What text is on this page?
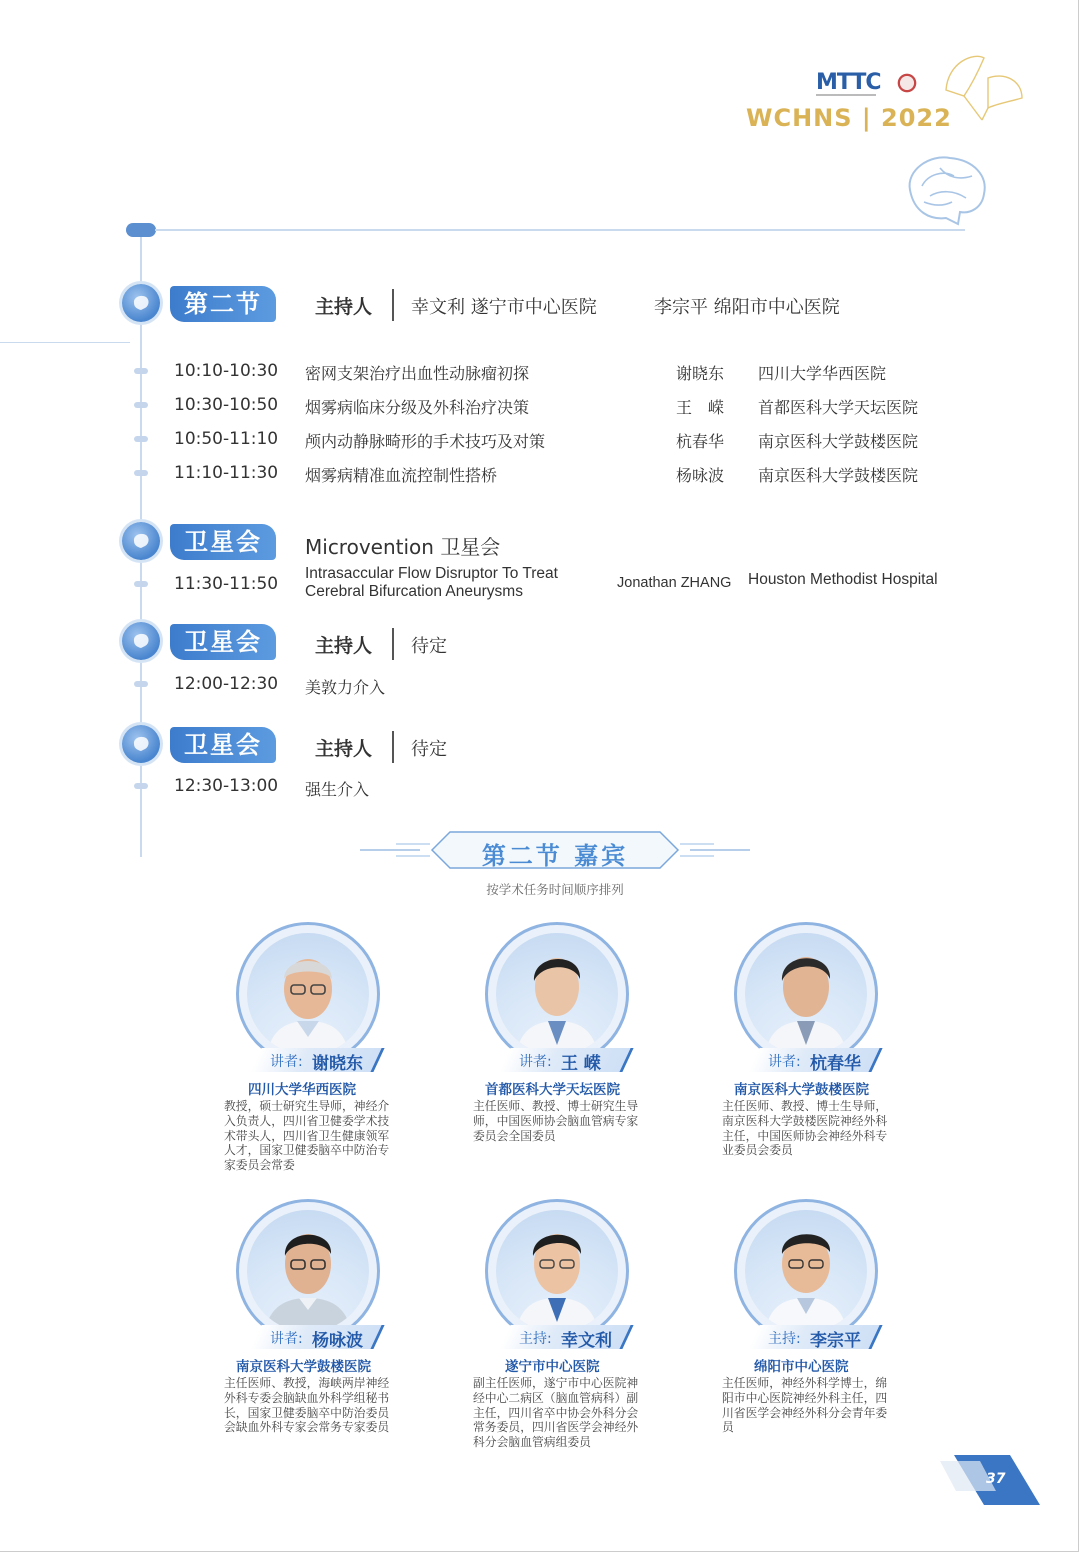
MTTC
WCHNS | 2022
第二节	主持人 幸文利 遂宁市中心医院	李宗平 绵阳市中心医院
10:10-10:30 密网支架治疗出血性动脉瘤初探	谢晓东 四川大学华西医院
10:30-10:50 烟雾病临床分级及外科治疗决策	王　嵘 首都医科大学天坛医院
10:50-11:10 颅内动静脉畸形的手术技巧及对策	杭春华 南京医科大学鼓楼医院
11:10-11:30 烟雾病精准血流控制性搭桥	杨咏波 南京医科大学鼓楼医院
卫星会	Microvention 卫星会
11:30-11:50
Intrasaccular Flow Disruptor To Treat
Cerebral Bifurcation Aneurysms	Jonathan ZHANG Houston Methodist Hospital
卫星会	主持人 待定
12:00-12:30 美敦力介入
卫星会	主持人 待定
12:30-13:00 强生介入
第二节 嘉宾
按学术任务时间顺序排列
讲者: 谢晓东
四川大学华西医院
教授，硕士研究生导师，神经介入负责人，四川省卫健委学术技术带头人，四川省卫生健康领军人才，国家卫健委脑卒中防治专家委员会常委
讲者: 王 嵘
首都医科大学天坛医院
主任医师、教授、博士研究生导师，中国医师协会脑血管病专家委员会全国委员
讲者: 杭春华
南京医科大学鼓楼医院
主任医师、教授、博士生导师，南京医科大学鼓楼医院神经外科主任，中国医师协会神经外科专业委员会委员
讲者: 杨咏波
南京医科大学鼓楼医院
主任医师、教授，海峡两岸神经外科专委会脑缺血外科学组秘书长，国家卫健委脑卒中防治委员会缺血外科专家会常务专家委员
主持: 幸文利
遂宁市中心医院
副主任医师，遂宁市中心医院神经中心二病区（脑血管病科）副主任，四川省卒中协会外科分会常务委员，四川省医学会神经外科分会脑血管病组委员
主持: 李宗平
绵阳市中心医院
主任医师，神经外科学博士，绵阳市中心医院神经外科主任，四川省医学会神经外科分会青年委员
37
